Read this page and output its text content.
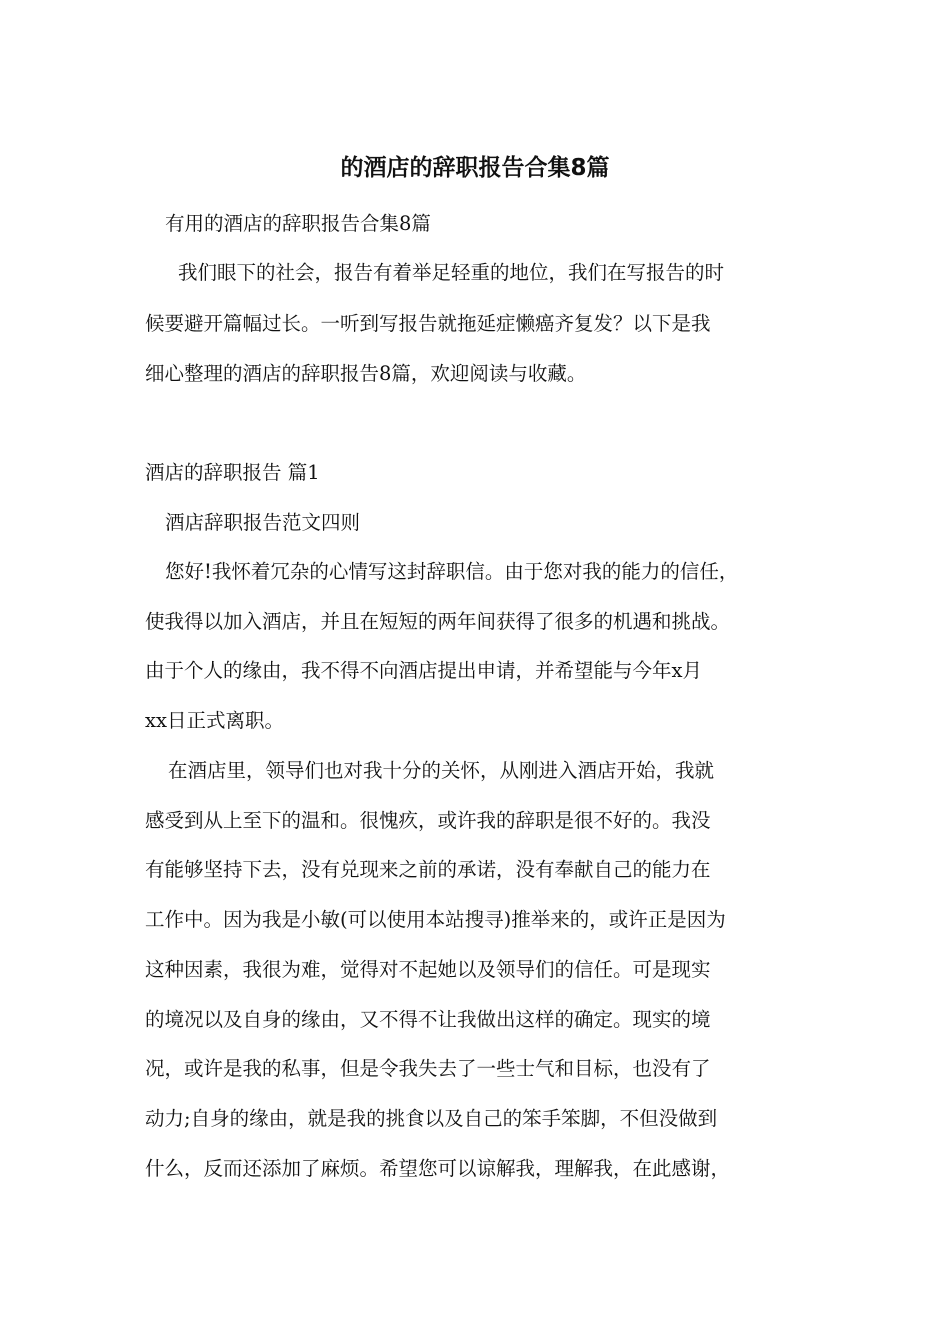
的酒店的辞职报告合集8篇
有用的酒店的辞职报告合集8篇
我们眼下的社会，报告有着举足轻重的地位，我们在写报告的时
候要避开篇幅过长。一听到写报告就拖延症懒癌齐复发？以下是我
细心整理的酒店的辞职报告8篇，欢迎阅读与收藏。
酒店的辞职报告 篇1
酒店辞职报告范文四则
您好!我怀着冗杂的心情写这封辞职信。由于您对我的能力的信任，
使我得以加入酒店，并且在短短的两年间获得了很多的机遇和挑战。
由于个人的缘由，我不得不向酒店提出申请，并希望能与今年x月
xx日正式离职。
在酒店里，领导们也对我十分的关怀，从刚进入酒店开始，我就
感受到从上至下的温和。很愧疚，或许我的辞职是很不好的。我没
有能够坚持下去，没有兑现来之前的承诺，没有奉献自己的能力在
工作中。因为我是小敏(可以使用本站搜寻)推举来的，或许正是因为
这种因素，我很为难，觉得对不起她以及领导们的信任。可是现实
的境况以及自身的缘由，又不得不让我做出这样的确定。现实的境
况，或许是我的私事，但是令我失去了一些士气和目标，也没有了
动力;自身的缘由，就是我的挑食以及自己的笨手笨脚，不但没做到
什么，反而还添加了麻烦。希望您可以谅解我，理解我，在此感谢，
